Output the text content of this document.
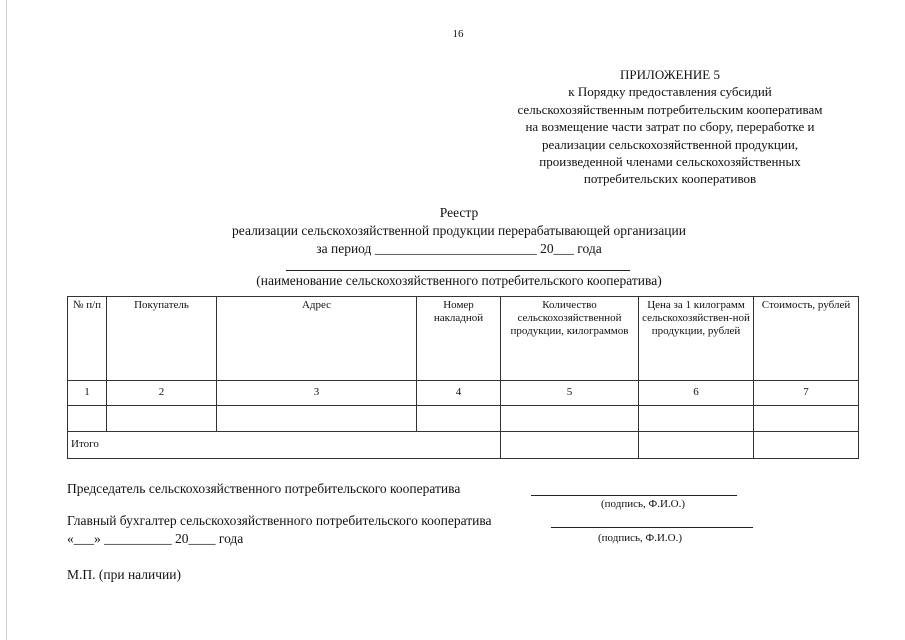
16
ПРИЛОЖЕНИЕ 5
к Порядку предоставления субсидий
сельскохозяйственным потребительским кооперативам
на возмещение части затрат по сбору, переработке и
реализации сельскохозяйственной продукции,
произведенной членами сельскохозяйственных
потребительских кооперативов
Реестр
реализации сельскохозяйственной продукции перерабатывающей организации
за период ________________________ 20___ года
(наименование сельскохозяйственного потребительского кооператива)
№ п/п	Покупатель	Адрес	Номер накладной	Количество сельскохозяйственной продукции, килограммов	Цена за 1 килограмм сельскохозяйствен-ной продукции, рублей	Стоимость, рублей
1	2	3	4	5	6	7

Итого						
Председатель сельскохозяйственного потребительского кооператива
(подпись, Ф.И.О.)
Главный бухгалтер сельскохозяйственного потребительского кооператива
(подпись, Ф.И.О.)
«___» __________ 20____ года
М.П. (при наличии)
